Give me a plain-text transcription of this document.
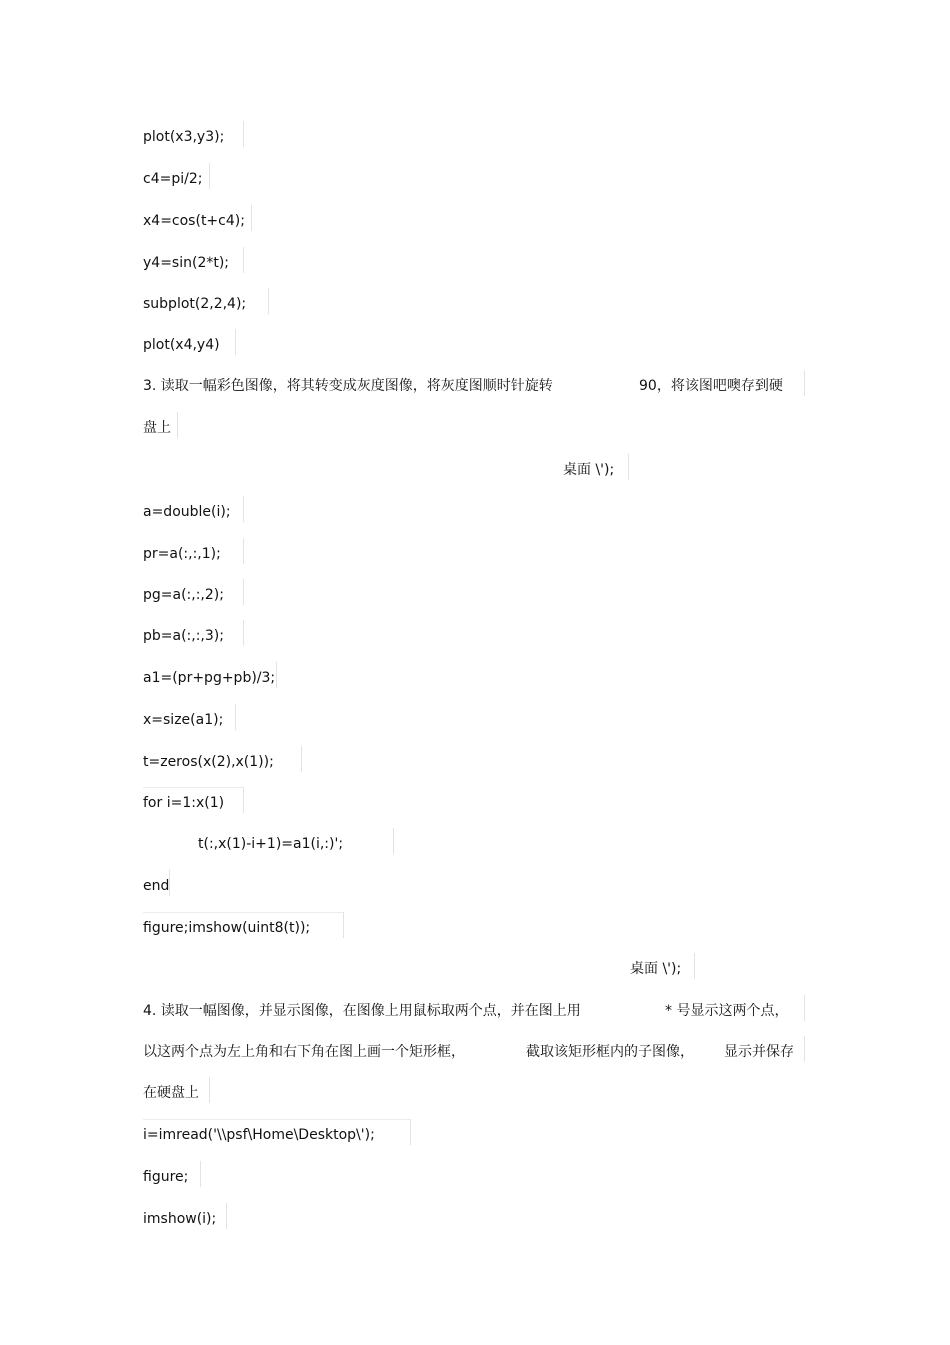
plot(x3,y3);
c4=pi/2;
x4=cos(t+c4);
y4=sin(2*t);
subplot(2,2,4);
plot(x4,y4)
3. 读取一幅彩色图像，将其转变成灰度图像，将灰度图顺时针旋转	90，将该图吧噢存到硬
盘上
桌面 \');
a=double(i);
pr=a(:,:,1);
pg=a(:,:,2);
pb=a(:,:,3);
a1=(pr+pg+pb)/3;
x=size(a1);
t=zeros(x(2),x(1));
for i=1:x(1)
t(:,x(1)-i+1)=a1(i,:)';
end
figure;imshow(uint8(t));
桌面 \');
4. 读取一幅图像，并显示图像，在图像上用鼠标取两个点，并在图上用	* 号显示这两个点，
以这两个点为左上角和右下角在图上画一个矩形框，	截取该矩形框内的子图像， 显示并保存
在硬盘上
i=imread('\\psf\Home\Desktop\');
figure;
imshow(i);
